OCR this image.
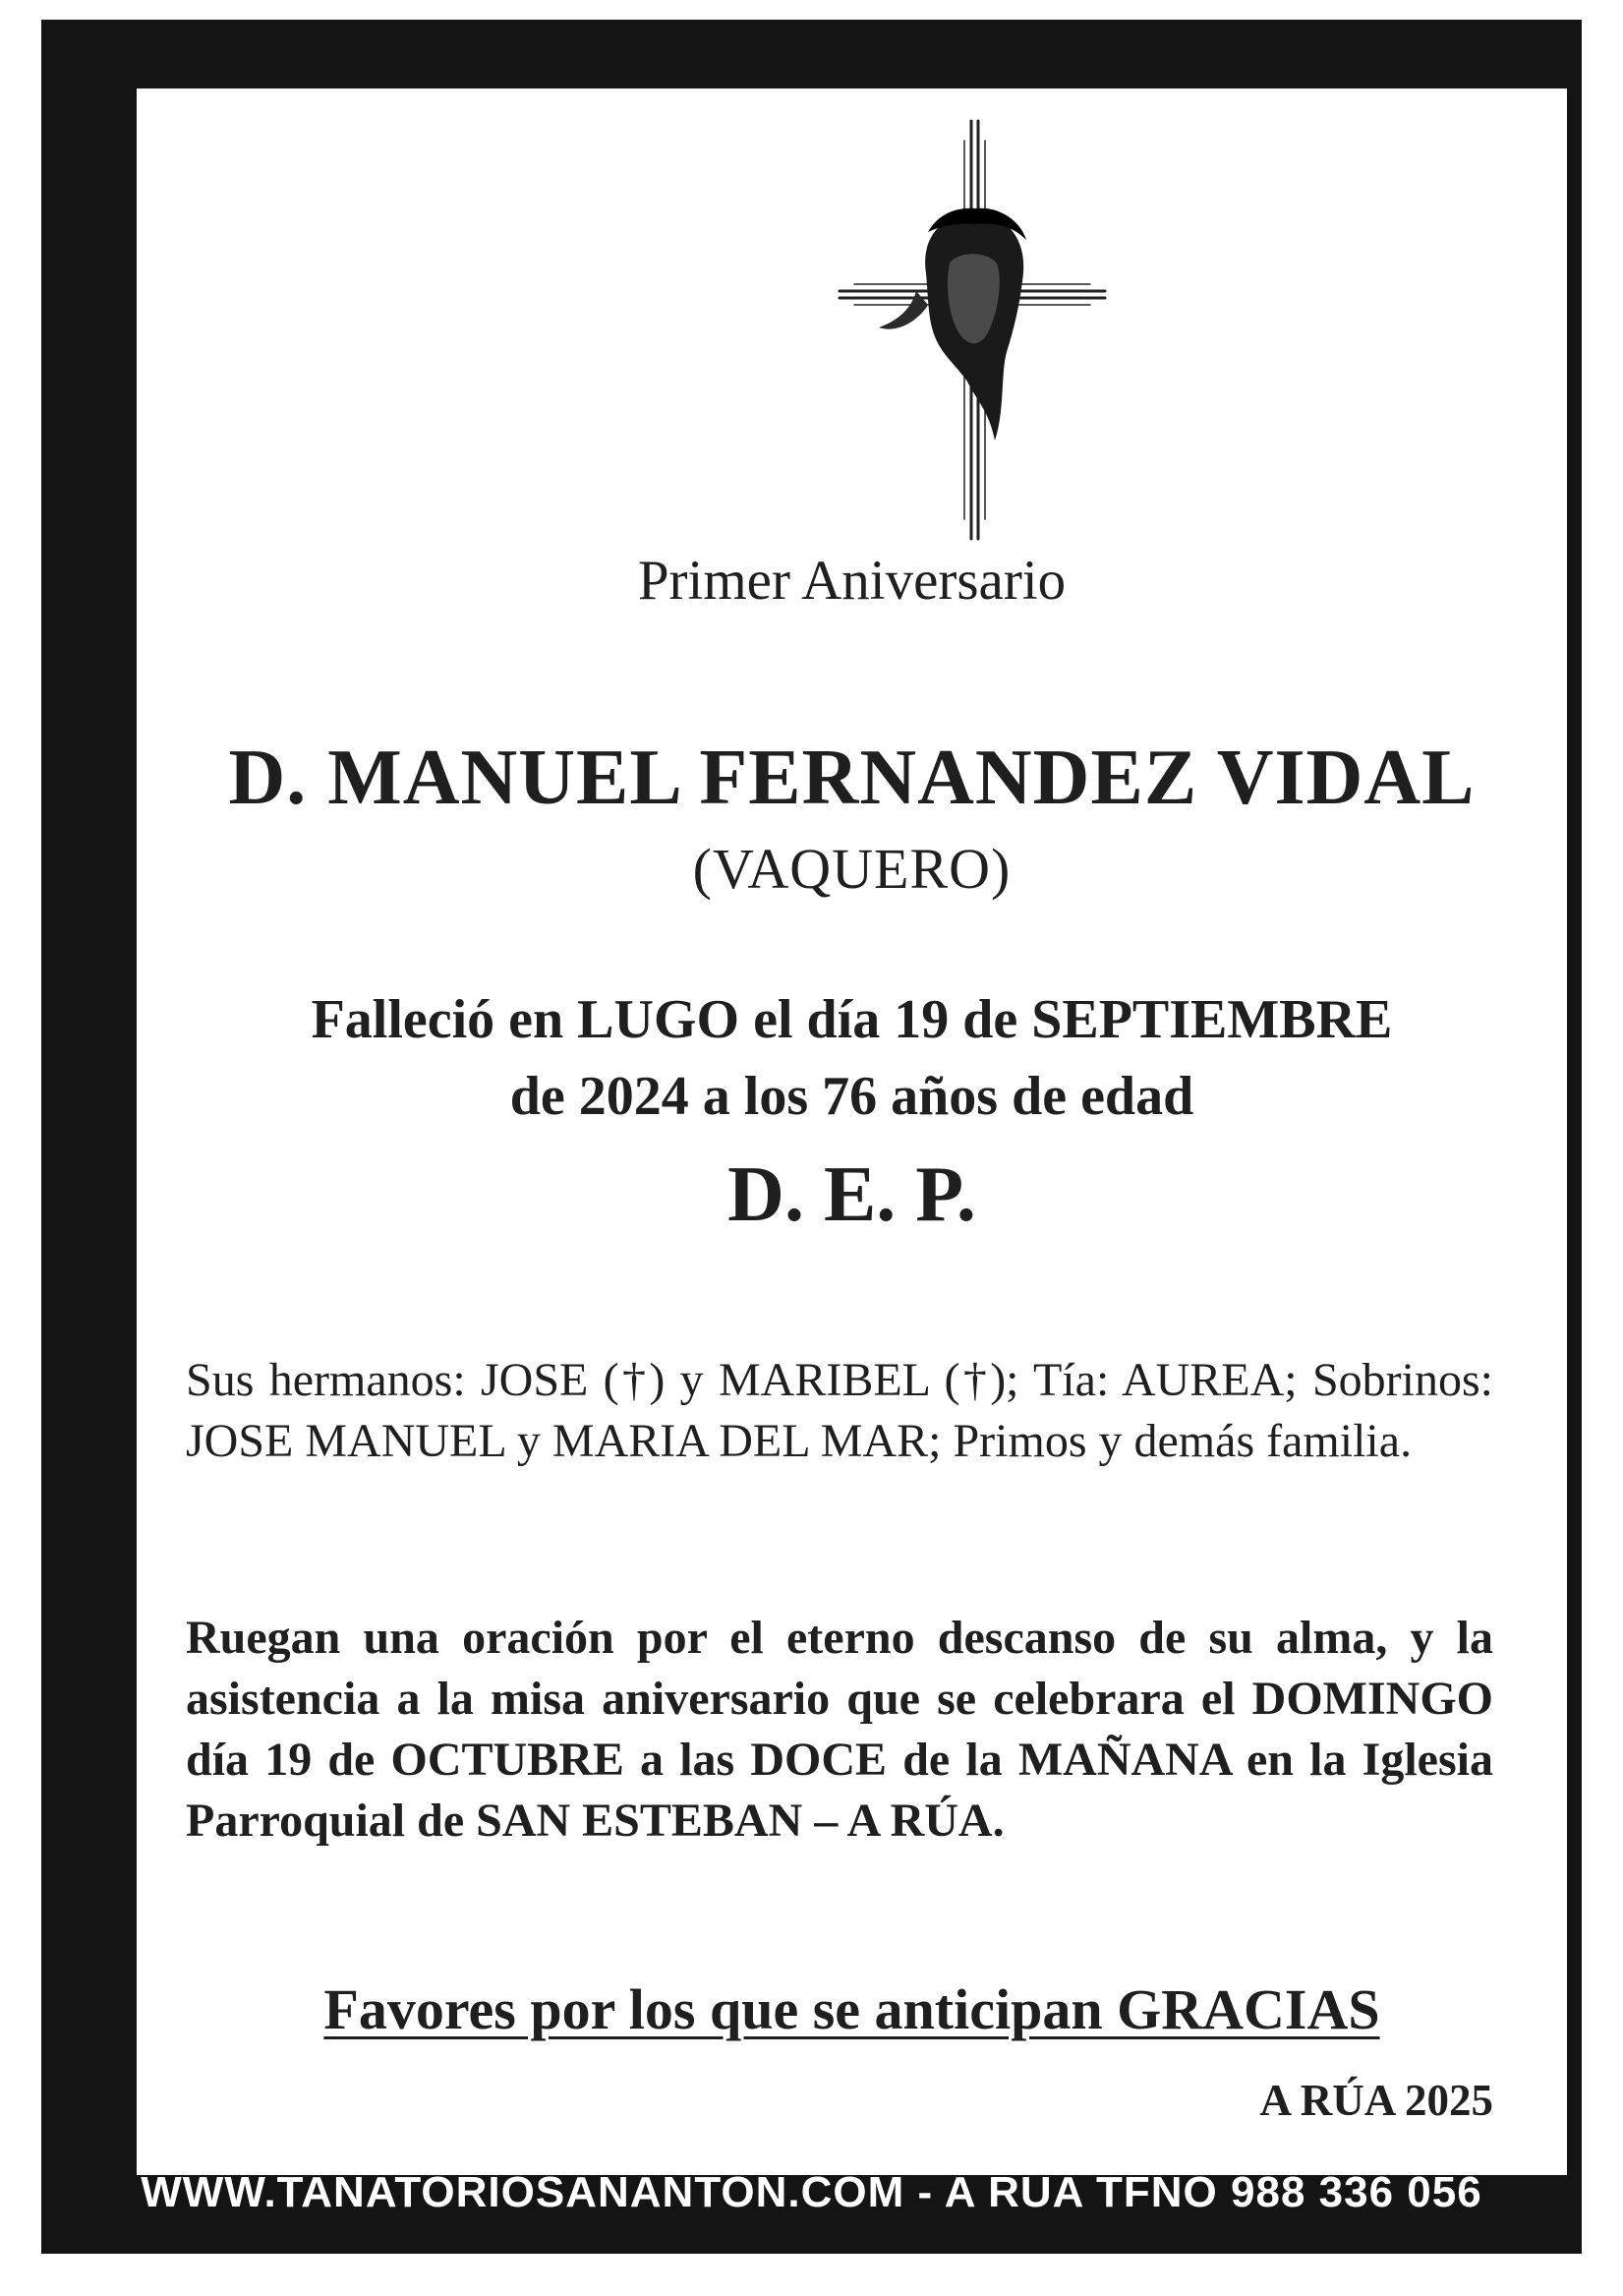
Primer Aniversario
D. MANUEL FERNANDEZ VIDAL
(VAQUERO)
Falleció en LUGO el día 19 de SEPTIEMBRE
de 2024 a los 76 años de edad
D. E. P.
Sus hermanos: JOSE (†) y MARIBEL (†); Tía: AUREA; Sobrinos: JOSE MANUEL y MARIA DEL MAR; Primos y demás familia.
Ruegan una oración por el eterno descanso de su alma, y la asistencia a la misa aniversario que se celebrara el DOMINGO día 19 de OCTUBRE a las DOCE de la MAÑANA en la Iglesia Parroquial de SAN ESTEBAN – A RÚA.
Favores por los que se anticipan GRACIAS
A RÚA 2025
WWW.TANATORIOSANANTON.COM - A RÚA TFNO 988 336 056
